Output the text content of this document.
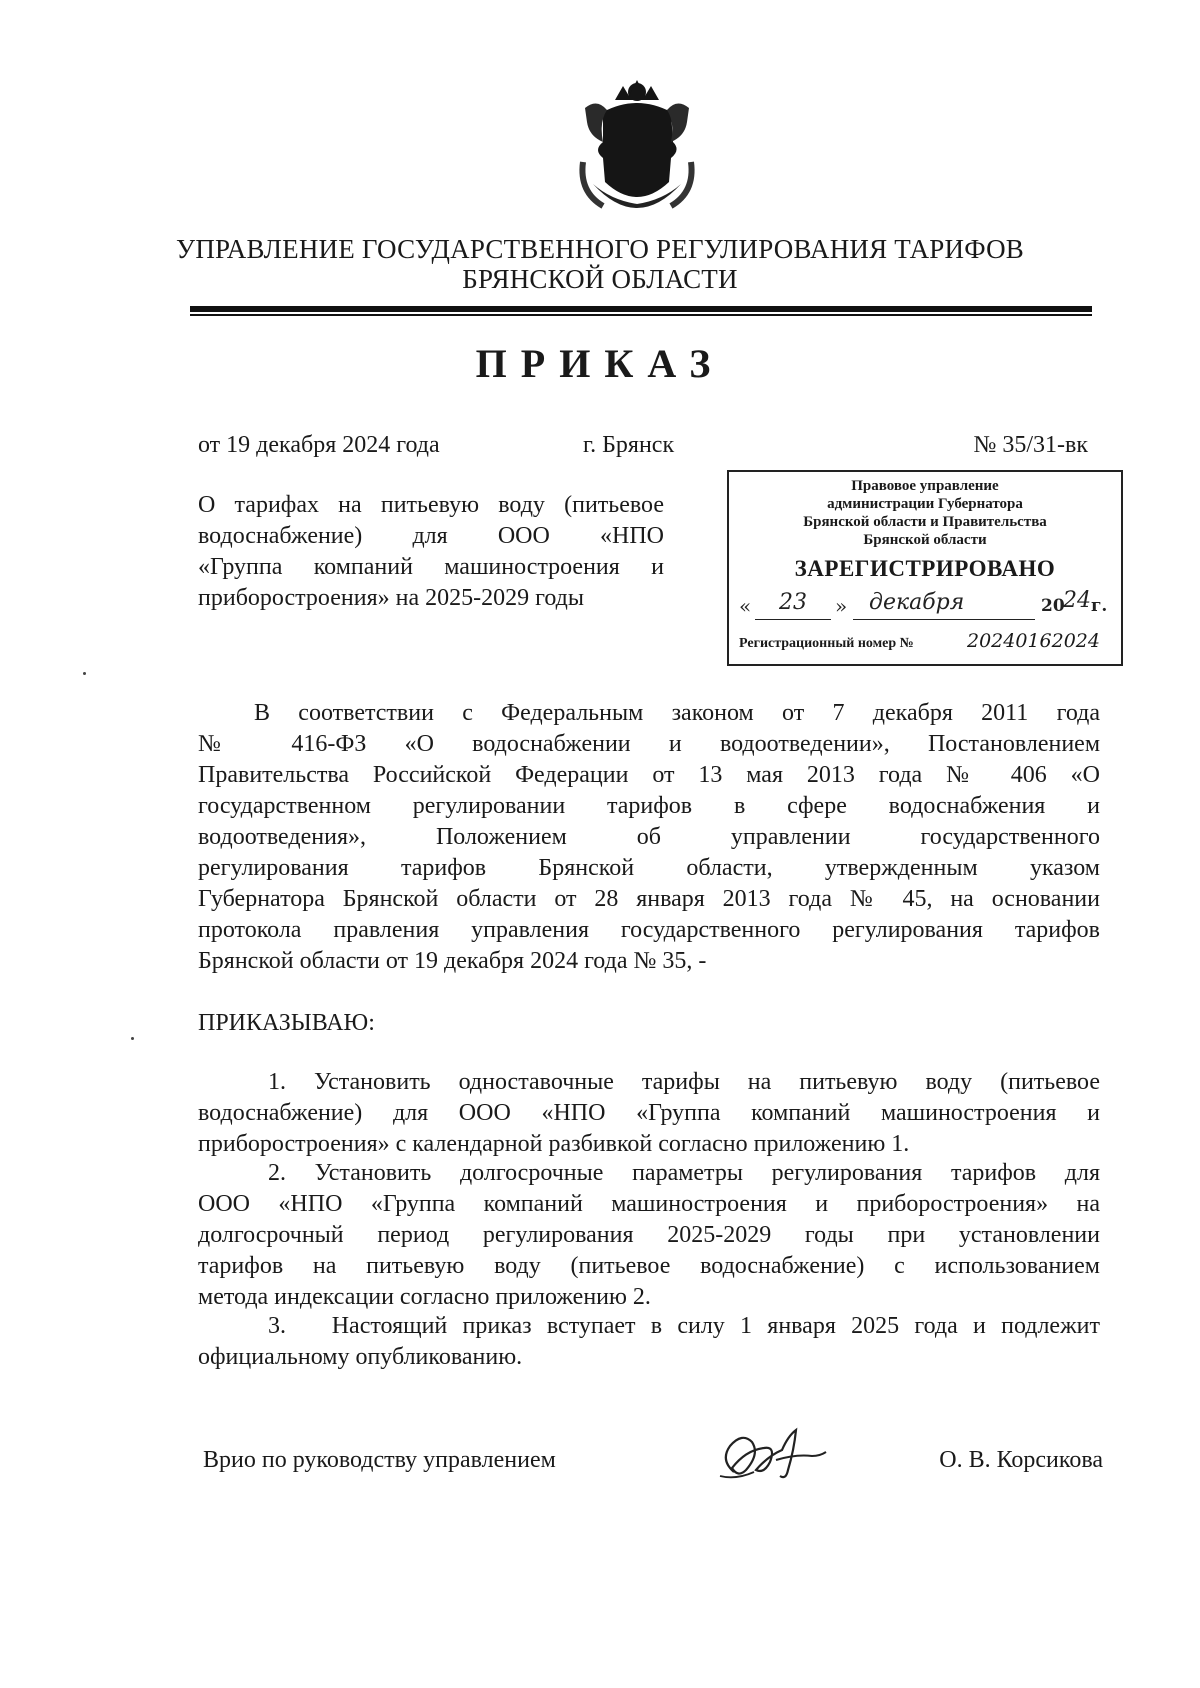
УПРАВЛЕНИЕ ГОСУДАРСТВЕННОГО РЕГУЛИРОВАНИЯ ТАРИФОВ
БРЯНСКОЙ ОБЛАСТИ
ПРИКАЗ
от 19 декабря 2024 года	г. Брянск	№ 35/31-вк
О тарифах на питьевую воду (питьевое
водоснабжение) для ООО «НПО
«Группа компаний машиностроения и
приборостроения» на 2025-2029 годы
Правовое управление
администрации Губернатора
Брянской области и Правительства
Брянской области
ЗАРЕГИСТРИРОВАНО
« 23 » декабря	20
24 г.
Регистрационный номер №	20240162024
В соответствии с Федеральным законом от 7 декабря 2011 года
№ 416-ФЗ «О водоснабжении и водоотведении», Постановлением
Правительства Российской Федерации от 13 мая 2013 года № 406 «О
государственном регулировании тарифов в сфере водоснабжения и
водоотведения», Положением об управлении государственного
регулирования тарифов Брянской области, утвержденным указом
Губернатора Брянской области от 28 января 2013 года № 45, на основании
протокола правления управления государственного регулирования тарифов
Брянской области от 19 декабря 2024 года № 35, -
ПРИКАЗЫВАЮ:
1. Установить одноставочные тарифы на питьевую воду (питьевое
водоснабжение) для ООО «НПО «Группа компаний машиностроения и
приборостроения» с календарной разбивкой согласно приложению 1.
2. Установить долгосрочные параметры регулирования тарифов для
ООО «НПО «Группа компаний машиностроения и приборостроения» на
долгосрочный период регулирования 2025-2029 годы при установлении
тарифов на питьевую воду (питьевое водоснабжение) с использованием
метода индексации согласно приложению 2.
3.   Настоящий приказ вступает в силу 1 января 2025 года и подлежит
официальному опубликованию.
Врио по руководству управлением	О. В. Корсикова
